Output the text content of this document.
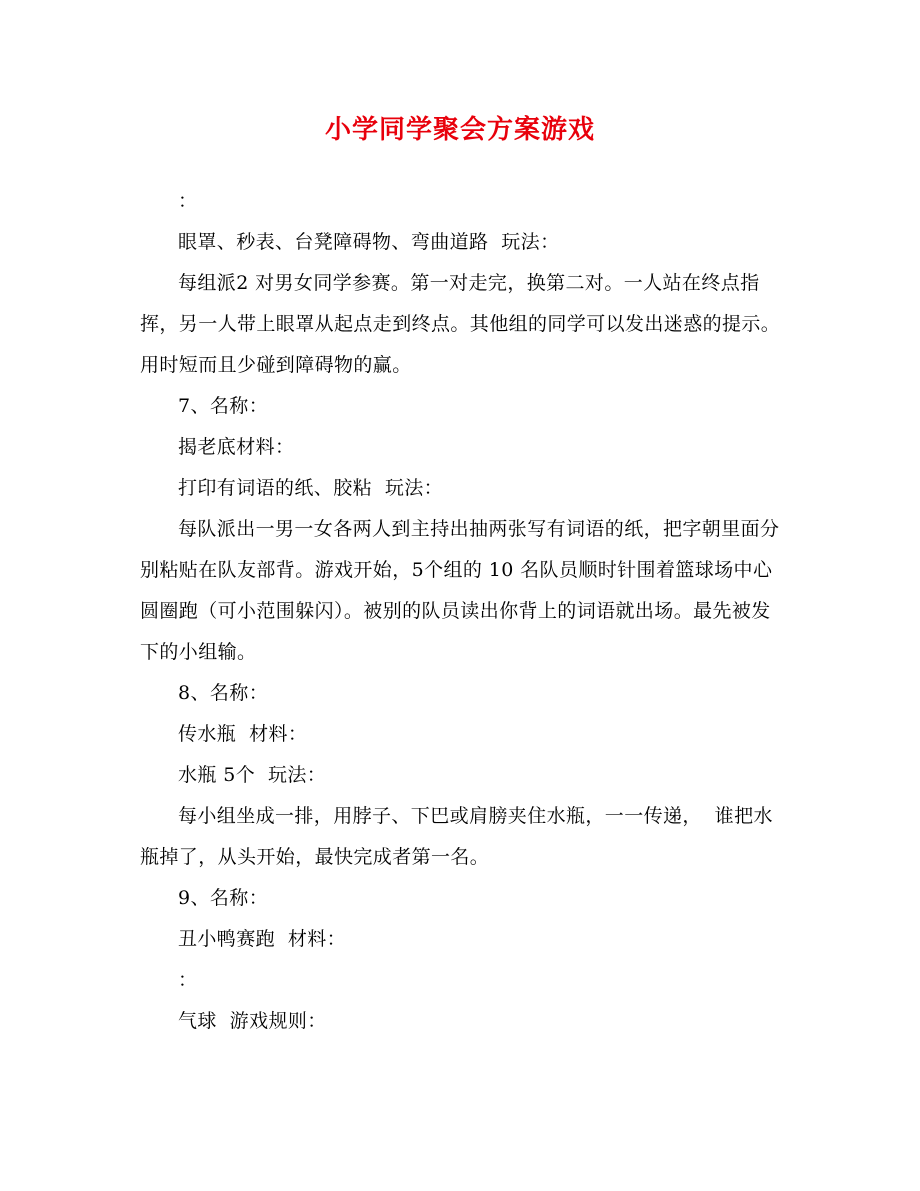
小学同学聚会方案游戏

：

眼罩、秒表、台凳障碍物、弯曲道路  玩法：

每组派2 对男女同学参赛。第一对走完，换第二对。一人站在终点指挥，另一人带上眼罩从起点走到终点。其他组的同学可以发出迷惑的提示。用时短而且少碰到障碍物的赢。

7、名称：

揭老底材料：

打印有词语的纸、胶粘  玩法：

每队派出一男一女各两人到主持出抽两张写有词语的纸，把字朝里面分别粘贴在队友部背。游戏开始，5个组的 10 名队员顺时针围着篮球场中心圆圈跑（可小范围躲闪）。被别的队员读出你背上的词语就出场。最先被发下的小组输。

8、名称：

传水瓶  材料：

水瓶 5个  玩法：

每小组坐成一排，用脖子、下巴或肩膀夹住水瓶，一一传递，  谁把水瓶掉了，从头开始，最快完成者第一名。

9、名称：

丑小鸭赛跑  材料：

：

气球  游戏规则：
